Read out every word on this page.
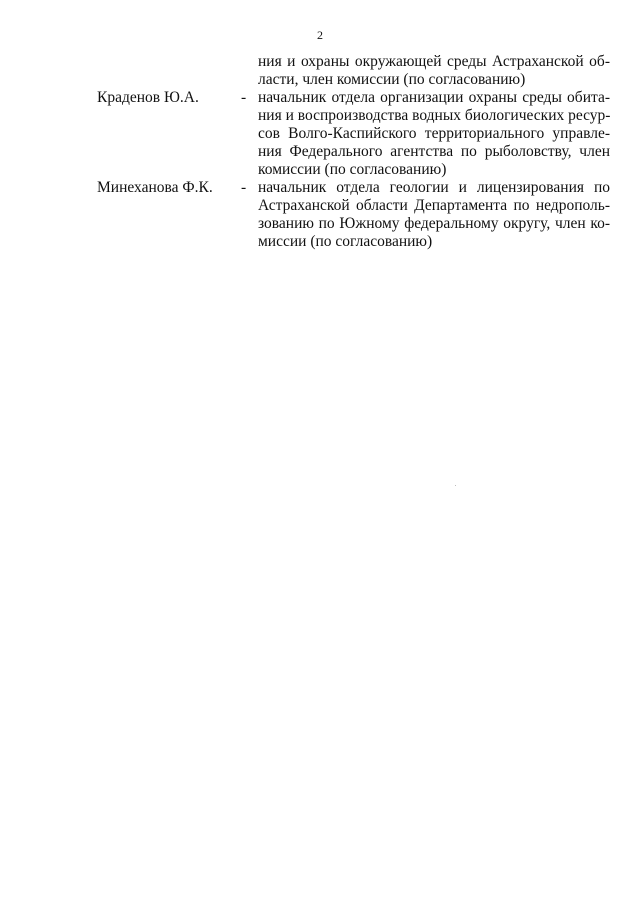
2
ния и охраны окружающей среды Астраханской об-
ласти, член комиссии (по согласованию)
Краденов Ю.А.	- начальник отдела организации охраны среды обита-
ния и воспроизводства водных биологических ресур-
сов Волго-Каспийского территориального управле-
ния Федерального агентства по рыболовству, член
комиссии (по согласованию)
Минеханова Ф.К. - начальник отдела геологии и лицензирования по
Астраханской области Департамента по недрополь-
зованию по Южному федеральному округу, член ко-
миссии (по согласованию)
